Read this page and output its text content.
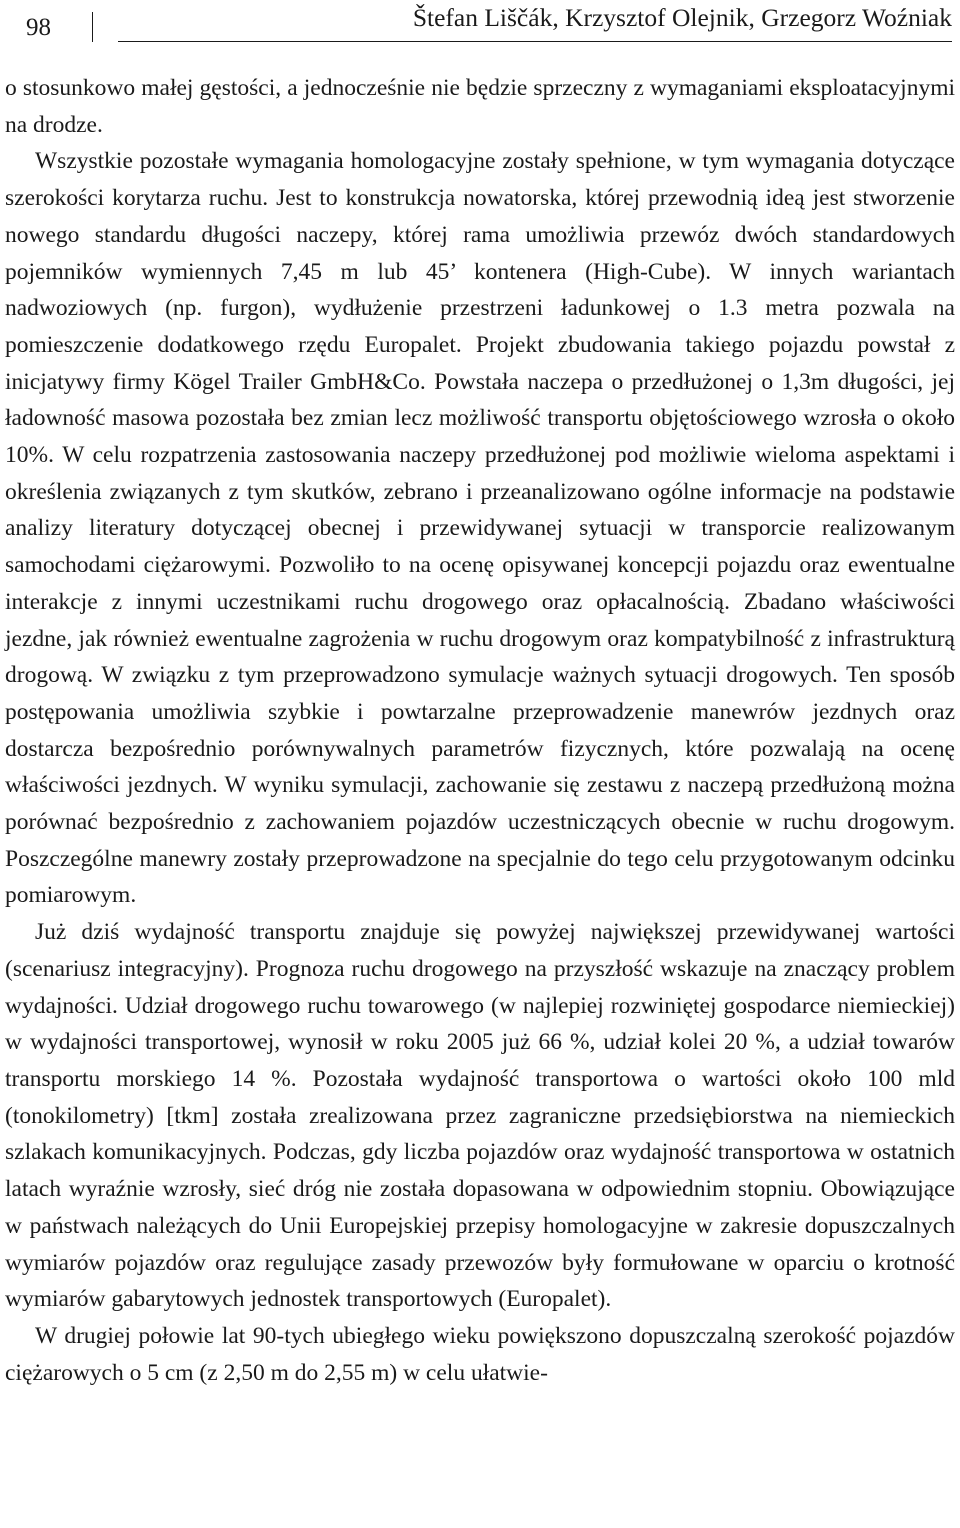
98	Štefan Liščák, Krzysztof Olejnik, Grzegorz Woźniak

o stosunkowo małej gęstości, a jednocześnie nie będzie sprzeczny z wymaganiami eksploatacyjnymi na drodze.

Wszystkie pozostałe wymagania homologacyjne zostały spełnione, w tym wymagania dotyczące szerokości korytarza ruchu. Jest to konstrukcja nowatorska, której przewodnią ideą jest stworzenie nowego standardu długości naczepy, której rama umożliwia przewóz dwóch standardowych pojemników wymiennych 7,45 m lub 45’ kontenera (High-Cube). W innych wariantach nadwoziowych (np. furgon), wydłużenie przestrzeni ładunkowej o 1.3 metra pozwala na pomieszczenie dodatkowego rzędu Europalet. Projekt zbudowania takiego pojazdu powstał z inicjatywy firmy Kögel Trailer GmbH&Co. Powstała naczepa o przedłużonej o 1,3m długości, jej ładowność masowa pozostała bez zmian lecz możliwość transportu objętościowego wzrosła o około 10%. W celu rozpatrzenia zastosowania naczepy przedłużonej pod możliwie wieloma aspektami i określenia związanych z tym skutków, zebrano i przeanalizowano ogólne informacje na podstawie analizy literatury dotyczącej obecnej i przewidywanej sytuacji w transporcie realizowanym samochodami ciężarowymi. Pozwoliło to na ocenę opisywanej koncepcji pojazdu oraz ewentualne interakcje z innymi uczestnikami ruchu drogowego oraz opłacalnością. Zbadano właściwości jezdne, jak również ewentualne zagrożenia w ruchu drogowym oraz kompatybilność z infrastrukturą drogową. W związku z tym przeprowadzono symulacje ważnych sytuacji drogowych. Ten sposób postępowania umożliwia szybkie i powtarzalne przeprowadzenie manewrów jezdnych oraz dostarcza bezpośrednio porównywalnych parametrów fizycznych, które pozwalają na ocenę właściwości jezdnych. W wyniku symulacji, zachowanie się zestawu z naczepą przedłużoną można porównać bezpośrednio z zachowaniem pojazdów uczestniczących obecnie w ruchu drogowym. Poszczególne manewry zostały przeprowadzone na specjalnie do tego celu przygotowanym odcinku pomiarowym.

Już dziś wydajność transportu znajduje się powyżej największej przewidywanej wartości (scenariusz integracyjny). Prognoza ruchu drogowego na przyszłość wskazuje na znaczący problem wydajności. Udział drogowego ruchu towarowego (w najlepiej rozwiniętej gospodarce niemieckiej) w wydajności transportowej, wynosił w roku 2005 już 66 %, udział kolei 20 %, a udział towarów transportu morskiego 14 %. Pozostała wydajność transportowa o wartości około 100 mld (tonokilometry) [tkm] została zrealizowana przez zagraniczne przedsiębiorstwa na niemieckich szlakach komunikacyjnych. Podczas, gdy liczba pojazdów oraz wydajność transportowa w ostatnich latach wyraźnie wzrosły, sieć dróg nie została dopasowana w odpowiednim stopniu. Obowiązujące w państwach należących do Unii Europejskiej przepisy homologacyjne w zakresie dopuszczalnych wymiarów pojazdów oraz regulujące zasady przewozów były formułowane w oparciu o krotność wymiarów gabarytowych jednostek transportowych (Europalet).

W drugiej połowie lat 90-tych ubiegłego wieku powiększono dopuszczalną szerokość pojazdów ciężarowych o 5 cm (z 2,50 m do 2,55 m) w celu ułatwie-
